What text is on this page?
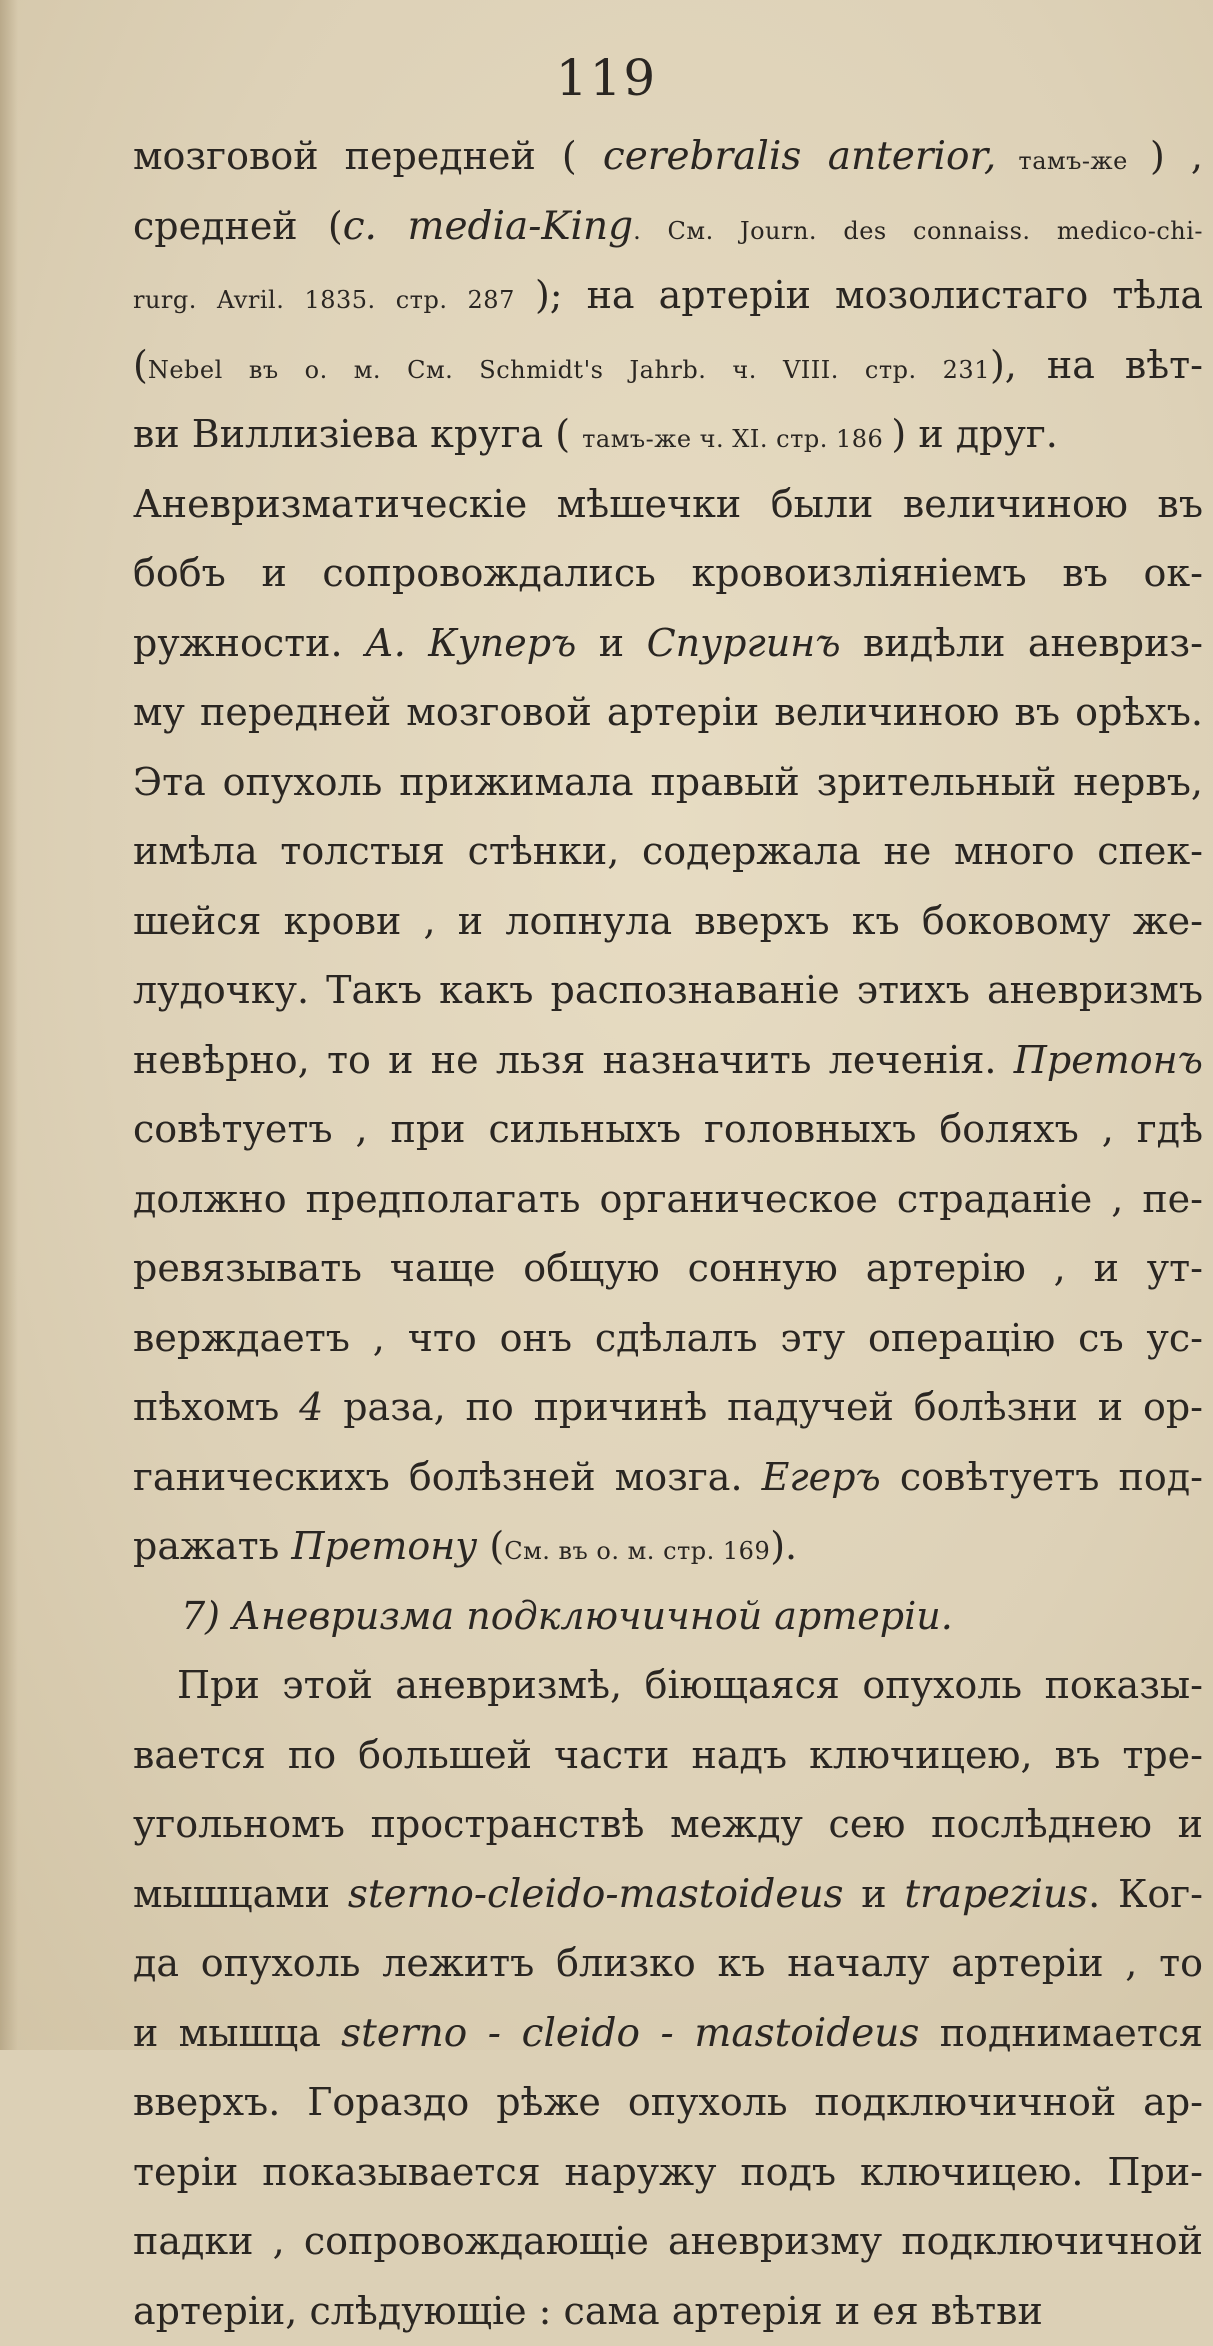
119
мозговой передней ( cerebralis anterior, тамъ-же ) ,
средней (c. media-King. См. Journ. des connaiss. medico-chi-
rurg. Avril. 1835. стр. 287 ); на артеріи мозолистаго тѣла
(Nebel въ о. м. См. Schmidt's Jahrb. ч. VIII. стр. 231), на вѣт-
ви Виллизіева круга ( тамъ-же ч. XI. стр. 186 ) и друг.
Аневризматическіе мѣшечки были величиною въ
бобъ и сопровождались кровоизліяніемъ въ ок-
ружности. А. Куперъ и Спургинъ видѣли аневриз-
му передней мозговой артеріи величиною въ орѣхъ.
Эта опухоль прижимала правый зрительный нервъ,
имѣла толстыя стѣнки, содержала не много спек-
шейся крови , и лопнула вверхъ къ боковому же-
лудочку. Такъ какъ распознаваніе этихъ аневризмъ
невѣрно, то и не льзя назначить леченія. Претонъ
совѣтуетъ , при сильныхъ головныхъ боляхъ , гдѣ
должно предполагать органическое страданіе , пе-
ревязывать чаще общую сонную артерію , и ут-
верждаетъ , что онъ сдѣлалъ эту операцію съ ус-
пѣхомъ 4 раза, по причинѣ падучей болѣзни и ор-
ганическихъ болѣзней мозга. Егеръ совѣтуетъ под-
ражать Претону (См. въ о. м. стр. 169).
7) Аневризма подключичной артеріи.
При этой аневризмѣ, біющаяся опухоль показы-
вается по большей части надъ ключицею, въ тре-
угольномъ пространствѣ между сею послѣднею и
мышцами sterno-cleido-mastoideus и trapezius. Ког-
да опухоль лежитъ близко къ началу артеріи , то
и мышца sterno - cleido - mastoideus поднимается
вверхъ. Гораздо рѣже опухоль подключичной ар-
теріи показывается наружу подъ ключицею. При-
падки , сопровождающіе аневризму подключичной
артеріи, слѣдующіе : сама артерія и ея вѣтви
